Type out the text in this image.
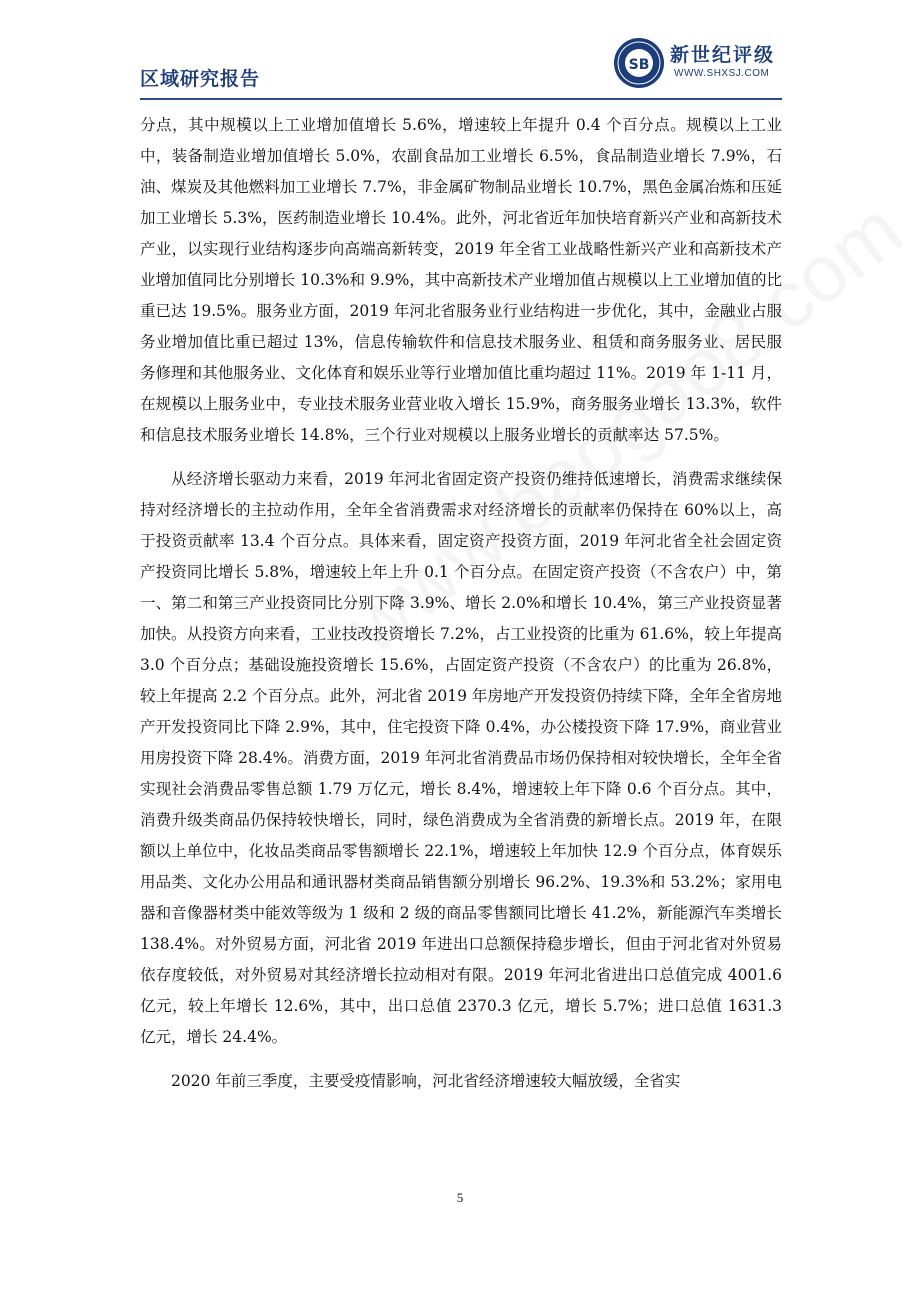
区域研究报告
SB 新世纪评级
WWW.SHXSJ.COM

分点，其中规模以上工业增加值增长 5.6%，增速较上年提升 0.4 个百分点。规模以上工业中，装备制造业增加值增长 5.0%，农副食品加工业增长 6.5%，食品制造业增长 7.9%，石油、煤炭及其他燃料加工业增长 7.7%，非金属矿物制品业增长 10.7%，黑色金属冶炼和压延加工业增长 5.3%，医药制造业增长 10.4%。此外，河北省近年加快培育新兴产业和高新技术产业，以实现行业结构逐步向高端高新转变，2019 年全省工业战略性新兴产业和高新技术产业增加值同比分别增长 10.3%和 9.9%，其中高新技术产业增加值占规模以上工业增加值的比重已达 19.5%。服务业方面，2019 年河北省服务业行业结构进一步优化，其中，金融业占服务业增加值比重已超过 13%，信息传输软件和信息技术服务业、租赁和商务服务业、居民服务修理和其他服务业、文化体育和娱乐业等行业增加值比重均超过 11%。2019 年 1-11 月，在规模以上服务业中，专业技术服务业营业收入增长 15.9%，商务服务业增长 13.3%，软件和信息技术服务业增长 14.8%，三个行业对规模以上服务业增长的贡献率达 57.5%。

从经济增长驱动力来看，2019 年河北省固定资产投资仍维持低速增长，消费需求继续保持对经济增长的主拉动作用，全年全省消费需求对经济增长的贡献率仍保持在 60%以上，高于投资贡献率 13.4 个百分点。具体来看，固定资产投资方面，2019 年河北省全社会固定资产投资同比增长 5.8%，增速较上年上升 0.1 个百分点。在固定资产投资（不含农户）中，第一、第二和第三产业投资同比分别下降 3.9%、增长 2.0%和增长 10.4%，第三产业投资显著加快。从投资方向来看，工业技改投资增长 7.2%，占工业投资的比重为 61.6%，较上年提高 3.0 个百分点；基础设施投资增长 15.6%，占固定资产投资（不含农户）的比重为 26.8%，较上年提高 2.2 个百分点。此外，河北省 2019 年房地产开发投资仍持续下降，全年全省房地产开发投资同比下降 2.9%，其中，住宅投资下降 0.4%，办公楼投资下降 17.9%，商业营业用房投资下降 28.4%。消费方面，2019 年河北省消费品市场仍保持相对较快增长，全年全省实现社会消费品零售总额 1.79 万亿元，增长 8.4%，增速较上年下降 0.6 个百分点。其中，消费升级类商品仍保持较快增长，同时，绿色消费成为全省消费的新增长点。2019 年，在限额以上单位中，化妆品类商品零售额增长 22.1%，增速较上年加快 12.9 个百分点，体育娱乐用品类、文化办公用品和通讯器材类商品销售额分别增长 96.2%、19.3%和 53.2%；家用电器和音像器材类中能效等级为 1 级和 2 级的商品零售额同比增长 41.2%，新能源汽车类增长 138.4%。对外贸易方面，河北省 2019 年进出口总额保持稳步增长，但由于河北省对外贸易依存度较低，对外贸易对其经济增长拉动相对有限。2019 年河北省进出口总值完成 4001.6 亿元，较上年增长 12.6%，其中，出口总值 2370.3 亿元，增长 5.7%；进口总值 1631.3 亿元，增长 24.4%。

2020 年前三季度，主要受疫情影响，河北省经济增速较大幅放缓，全省实

5
